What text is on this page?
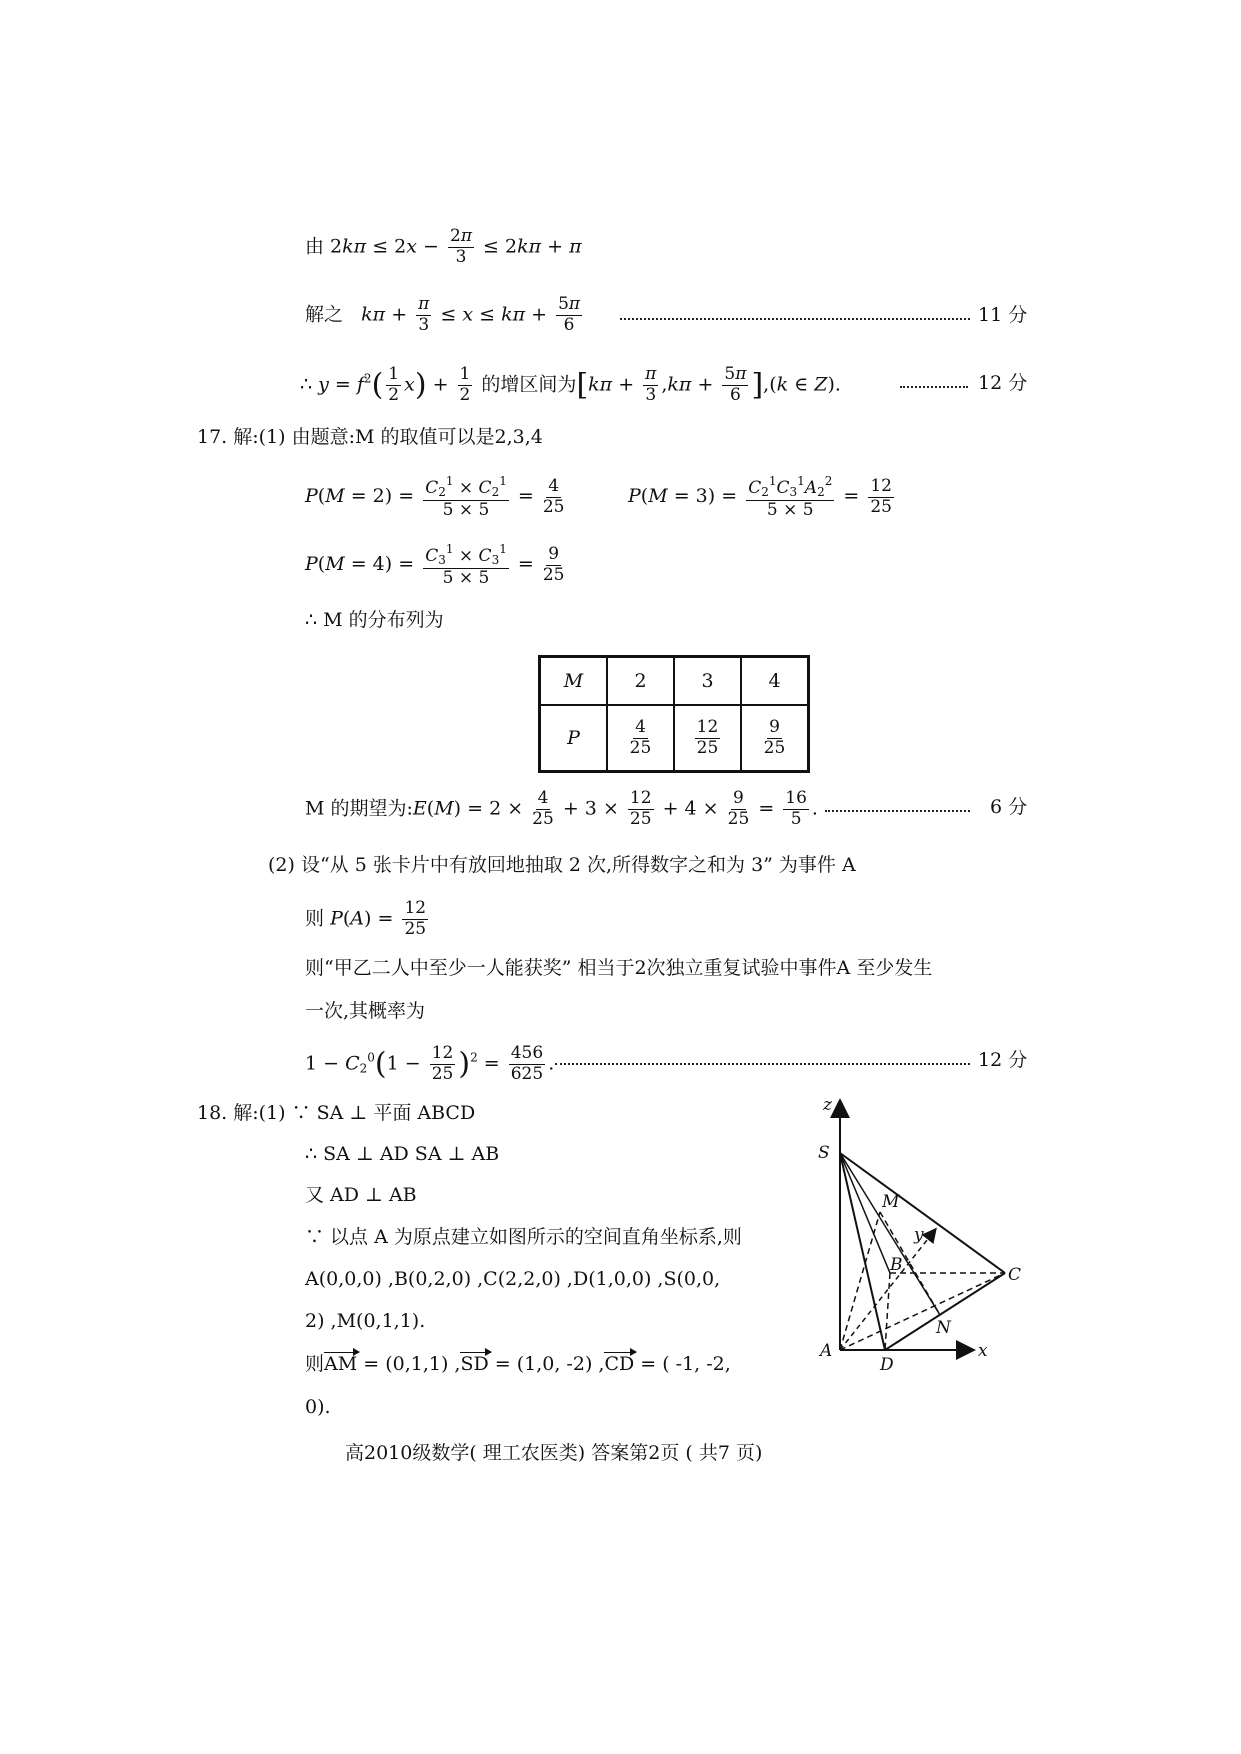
由 $2k\pi \le 2x - \frac{2\pi}{3} \le 2k\pi + \pi$
解之 $k\pi + \frac{\pi}{3} \le x \le k\pi + \frac{5\pi}{6}$	11 分
∴ $y = f^2( \frac{1}{2} x) + \frac{1}{2}$ 的增区间为$[k\pi + \frac{\pi}{3} ,k\pi + \frac{5\pi}{6} ],(k$ ∈ Z).	12 分
17. 解:(1) 由题意:M 的取值可以是2,3,4
$P(M = 2) = \frac{C_2^1 \times C_2^1}{5 \times 5} = \frac{4}{25}$	$P(M = 3) = \frac{C_2^1C_3^1A_2^2}{5 \times 5} = \frac{12}{25}$
$P(M = 4) = \frac{C_3^1 \times C_3^1}{5 \times 5} = \frac{9}{25}$
∴ M 的分布列为
M	2	3	4
P	$\frac{4}{25}$	$\frac{12}{25}$	$\frac{9}{25}$
M 的期望为:E(M) = $2 \times \frac{4}{25} + 3 \times \frac{12}{25} + 4 \times \frac{9}{25} = \frac{16}{5}$ .	6 分
(2) 设“从 5 张卡片中有放回地抽取 2 次,所得数字之和为 3” 为事件 A
则 $P(A) = \frac{12}{25}$
则“甲乙二人中至少一人能获奖” 相当于2次独立重复试验中事件A 至少发生
一次,其概率为
$1 - C_2^0(1 - \frac{12}{25} )^2 = \frac{456}{625}$ .	12 分
18. 解:(1) ∵ SA ⊥ 平面 ABCD
∴ SA ⊥ AD SA ⊥ AB
又 AD ⊥ AB
∵ 以点 A 为原点建立如图所示的空间直角坐标系,则
A(0,0,0) ,B(0,2,0) ,C(2,2,0) ,D(1,0,0) ,S(0,0,
2) ,M(0,1,1).
则AM = (0,1,1) ,SD = (1,0, -2) ,CD = ( -1, -2,
0).
z
S
M
y
B	C
N
A
D
x
高2010级数学( 理工农医类) 答案第2页 ( 共7 页)
